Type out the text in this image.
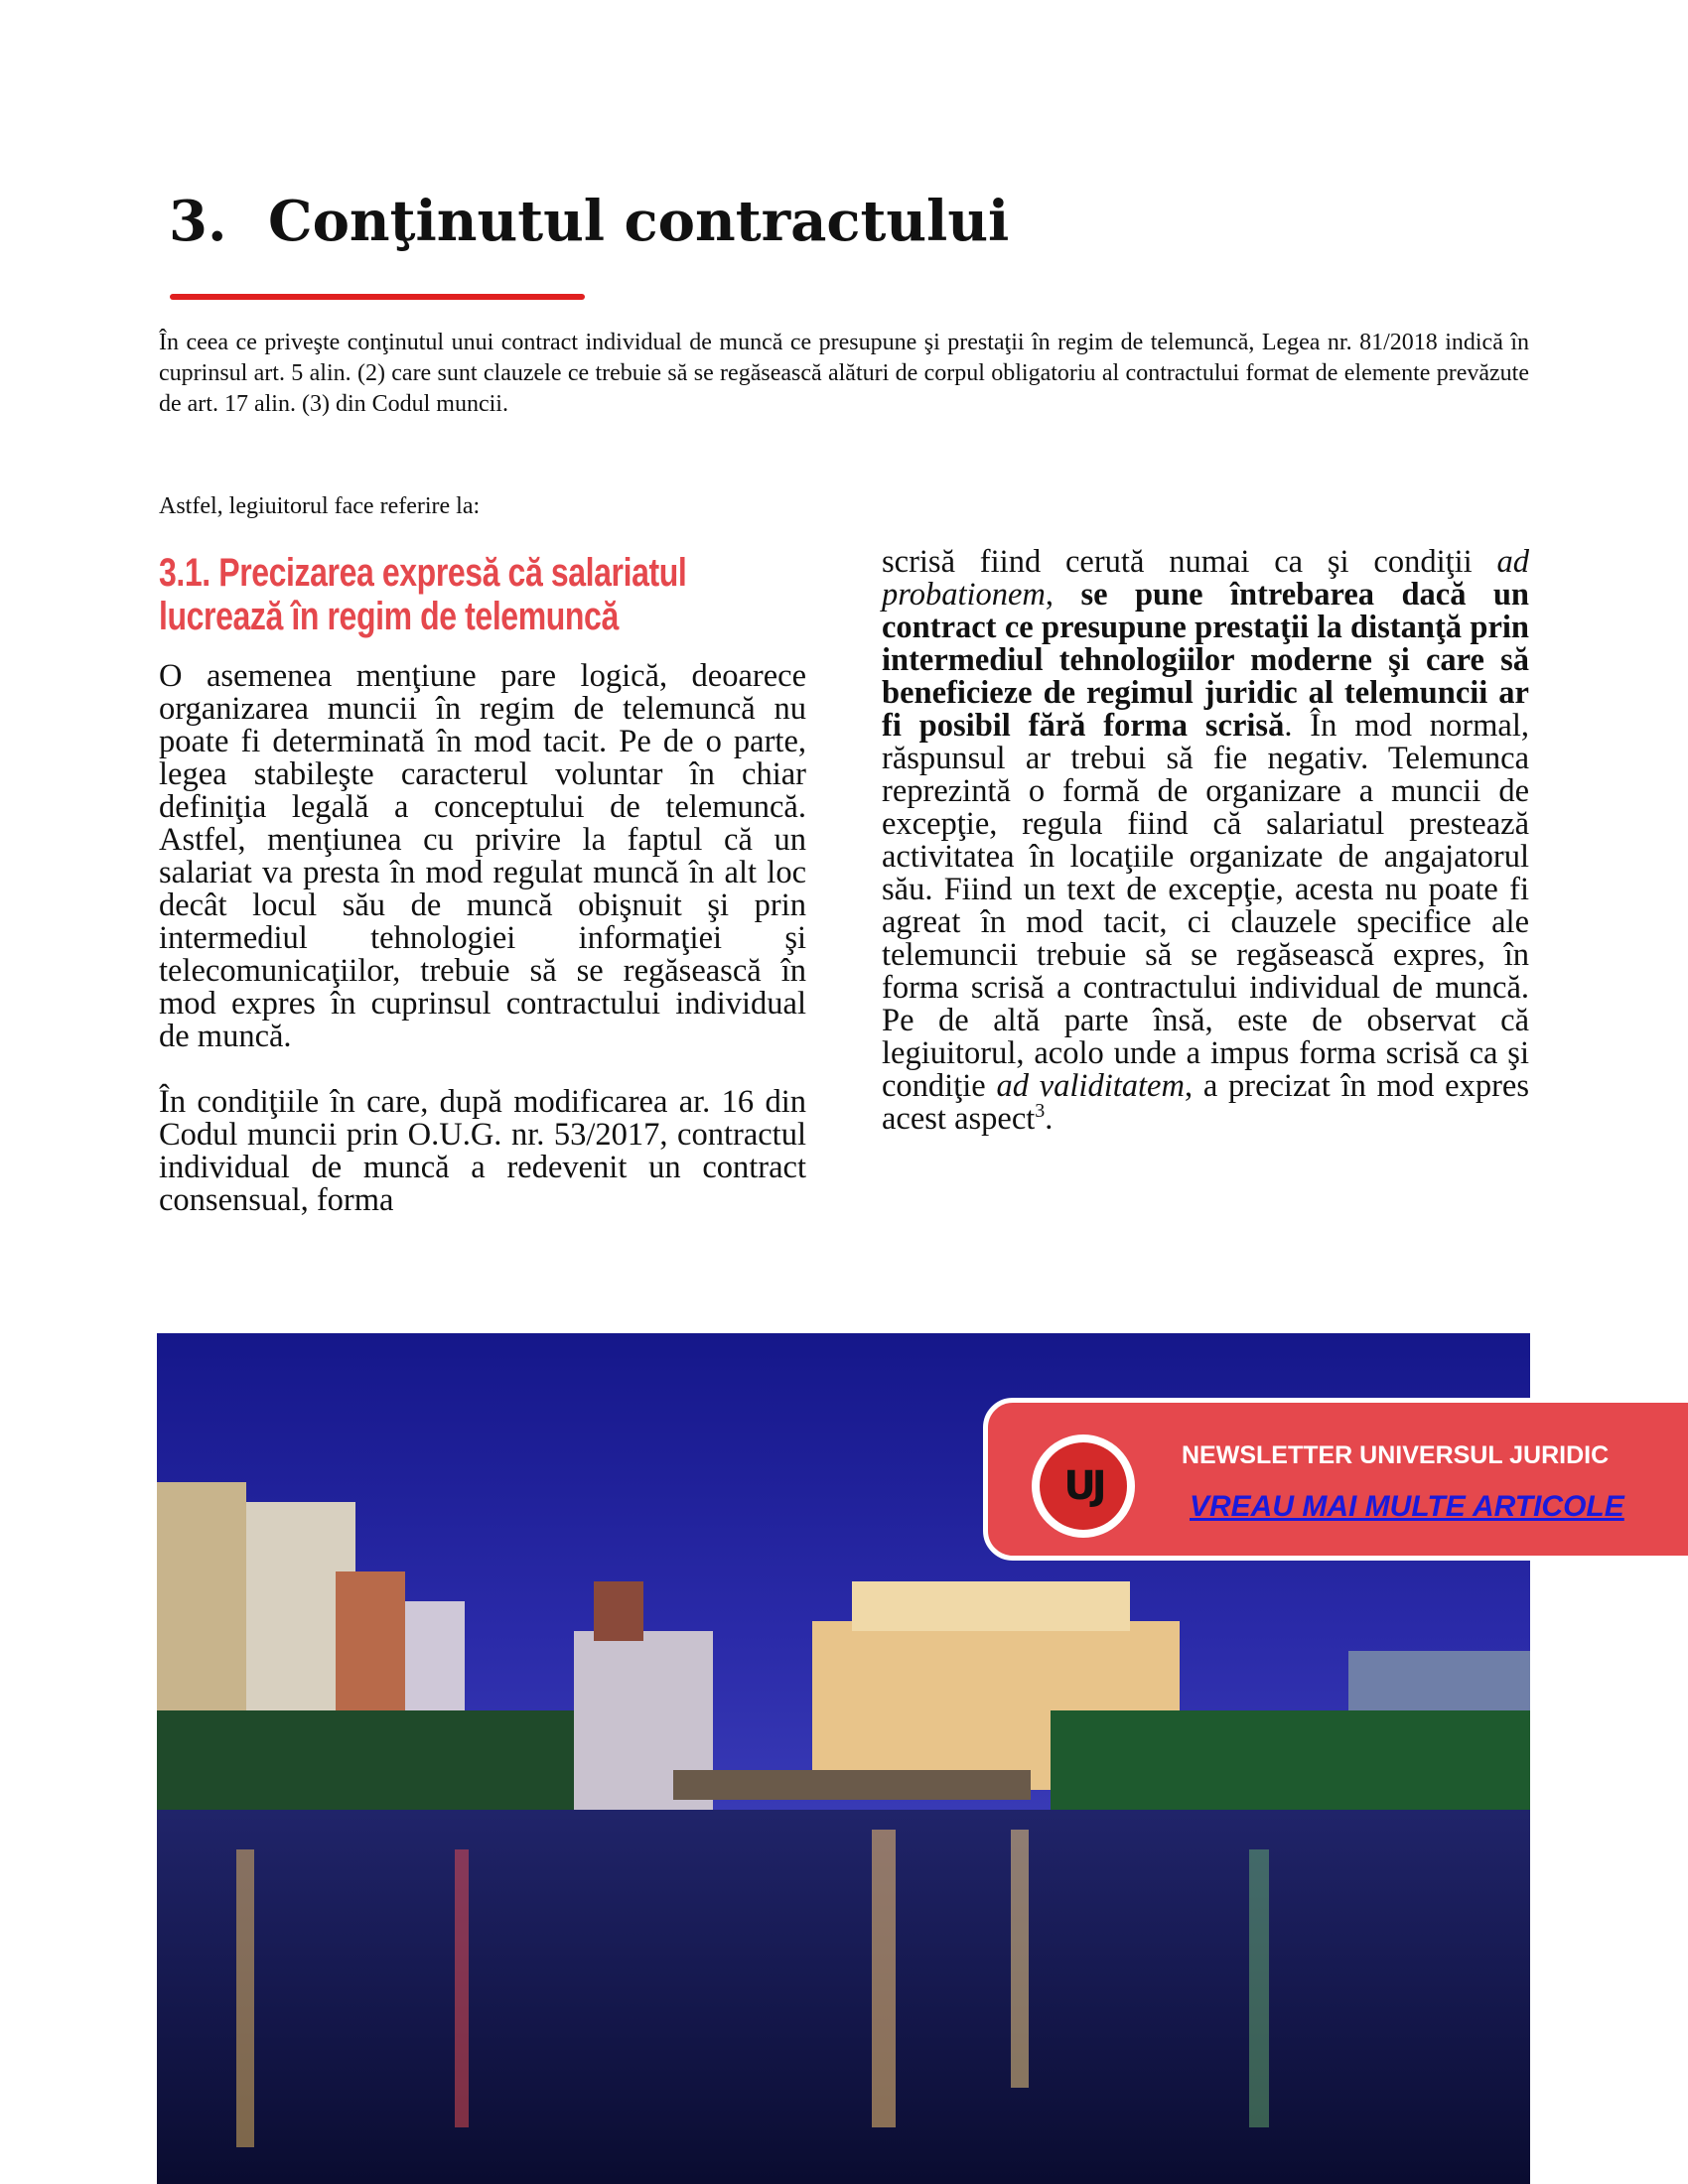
3. Conţinutul contractului

În ceea ce priveşte conţinutul unui contract individual de muncă ce presupune şi prestaţii în regim de telemuncă, Legea nr. 81/2018 indică în cuprinsul art. 5 alin. (2) care sunt clauzele ce trebuie să se regăsească alături de corpul obligatoriu al contractului format de elemente prevăzute de art. 17 alin. (3) din Codul muncii.

Astfel, legiuitorul face referire la:

3.1. Precizarea expresă că salariatul lucrează în regim de telemuncă

O asemenea menţiune pare logică, deoarece organizarea muncii în regim de telemuncă nu poate fi determinată în mod tacit. Pe de o parte, legea stabileşte caracterul voluntar în chiar definiţia legală a conceptului de telemuncă. Astfel, menţiunea cu privire la faptul că un salariat va presta în mod regulat muncă în alt loc decât locul său de muncă obişnuit şi prin intermediul tehnologiei informaţiei şi telecomunicaţiilor, trebuie să se regăsească în mod expres în cuprinsul contractului individual de muncă.

În condiţiile în care, după modificarea ar. 16 din Codul muncii prin O.U.G. nr. 53/2017, contractul individual de muncă a redevenit un contract consensual, forma

scrisă fiind cerută numai ca şi condiţii ad probationem, se pune întrebarea dacă un contract ce presupune prestaţii la distanţă prin intermediul tehnologiilor moderne şi care să beneficieze de regimul juridic al telemuncii ar fi posibil fără forma scrisă. În mod normal, răspunsul ar trebui să fie negativ. Telemunca reprezintă o formă de organizare a muncii de excepţie, regula fiind că salariatul prestează activitatea în locaţiile organizate de angajatorul său. Fiind un text de excepţie, acesta nu poate fi agreat în mod tacit, ci clauzele specifice ale telemuncii trebuie să se regăsească expres, în forma scrisă a contractului individual de muncă. Pe de altă parte însă, este de observat că legiuitorul, acolo unde a impus forma scrisă ca şi condiţie ad validitatem, a precizat în mod expres acest aspect$^3$.

UJ
NEWSLETTER UNIVERSUL JURIDIC
VREAU MAI MULTE ARTICOLE
